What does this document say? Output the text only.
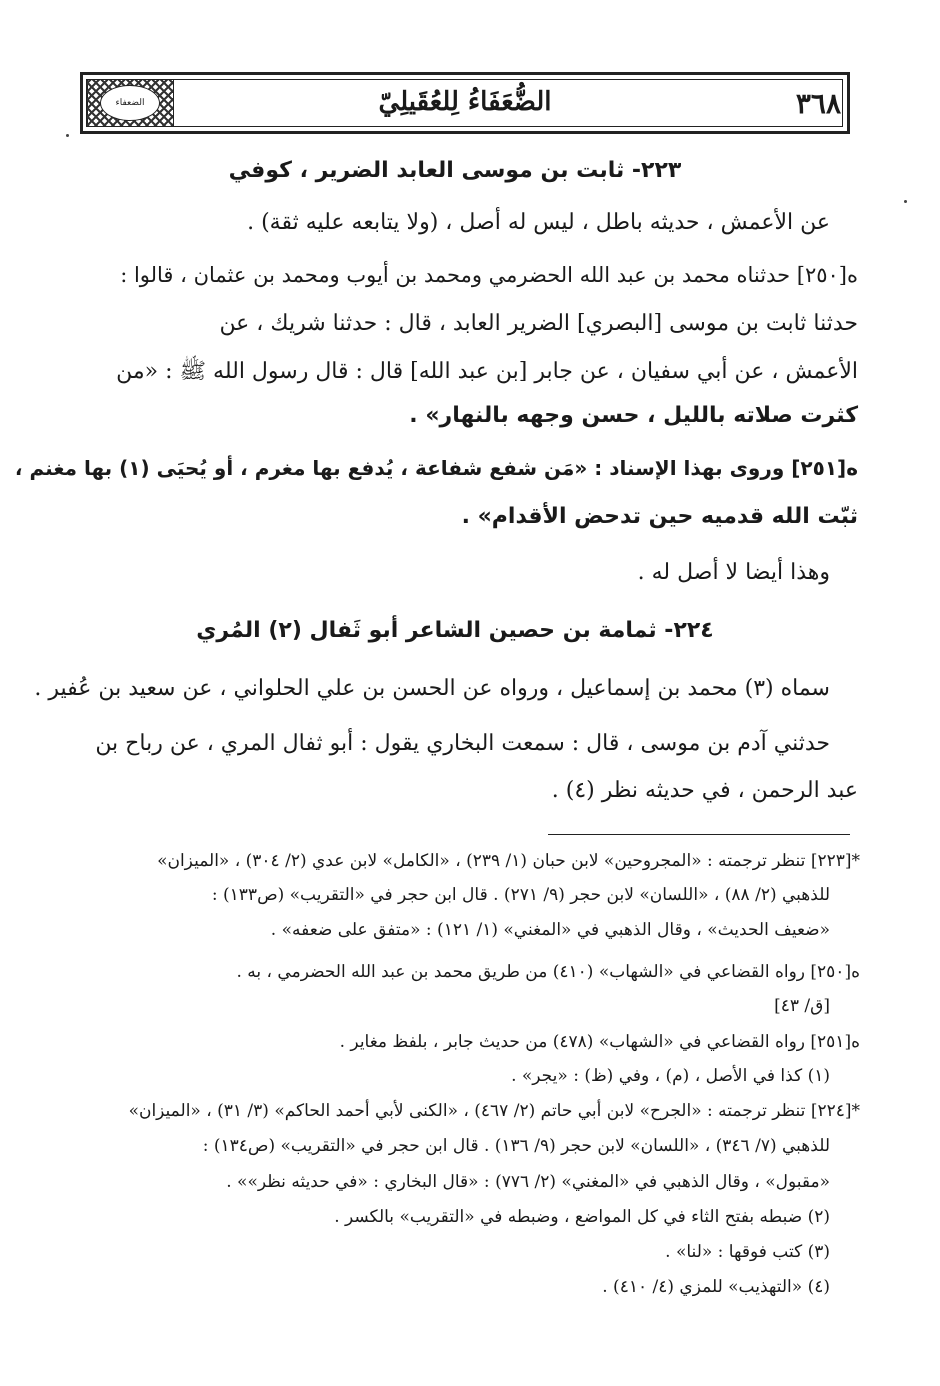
٣٦٨
الضُّعَفَاءُ لِلعُقَيلِيّ
الضعفاء
٢٢٣- ثابت بن موسى العابد الضرير ، كوفي
عن الأعمش ، حديثه باطل ، ليس له أصل ، (ولا يتابعه عليه ثقة) .
ه[٢٥٠] حدثناه محمد بن عبد الله الحضرمي ومحمد بن أيوب ومحمد بن عثمان ، قالوا :
حدثنا ثابت بن موسى [البصري] الضرير العابد ، قال : حدثنا شريك ، عن
الأعمش ، عن أبي سفيان ، عن جابر [بن عبد الله] قال : قال رسول الله ﷺ : «من
كثرت صلاته بالليل ، حسن وجهه بالنهار» .
ه[٢٥١] وروى بهذا الإسناد : «مَن شفع شفاعة ، يُدفع بها مغرم ، أو يُحيَى (١) بها مغنم ،
ثبّت الله قدميه حين تدحض الأقدام» .
وهذا أيضا لا أصل له .
٢٢٤- ثمامة بن حصين الشاعر أبو ثَفال (٢) المُري
سماه (٣) محمد بن إسماعيل ، ورواه عن الحسن بن علي الحلواني ، عن سعيد بن عُفير .
حدثني آدم بن موسى ، قال : سمعت البخاري يقول : أبو ثفال المري ، عن رباح بن
عبد الرحمن ، في حديثه نظر (٤) .
*[٢٢٣] تنظر ترجمته : «المجروحين» لابن حبان (١/ ٢٣٩) ، «الكامل» لابن عدي (٢/ ٣٠٤) ، «الميزان»
للذهبي (٢/ ٨٨) ، «اللسان» لابن حجر (٩/ ٢٧١) . قال ابن حجر في «التقريب» (ص١٣٣) :
«ضعيف الحديث» ، وقال الذهبي في «المغني» (١/ ١٢١) : «متفق على ضعفه» .
ه[٢٥٠] رواه القضاعي في «الشهاب» (٤١٠) من طريق محمد بن عبد الله الحضرمي ، به .
[ق/ ٤٣]
ه[٢٥١] رواه القضاعي في «الشهاب» (٤٧٨) من حديث جابر ، بلفظ مغاير .
(١) كذا في الأصل ، (م) ، وفي (ظ) : «يجر» .
*[٢٢٤] تنظر ترجمته : «الجرح» لابن أبي حاتم (٢/ ٤٦٧) ، «الكنى لأبي أحمد الحاكم» (٣/ ٣١) ، «الميزان»
للذهبي (٧/ ٣٤٦) ، «اللسان» لابن حجر (٩/ ١٣٦) . قال ابن حجر في «التقريب» (ص١٣٤) :
«مقبول» ، وقال الذهبي في «المغني» (٢/ ٧٧٦) : «قال البخاري : «في حديثه نظر»» .
(٢) ضبطه بفتح الثاء في كل المواضع ، وضبطه في «التقريب» بالكسر .
(٣) كتب فوقها : «لنا» .
(٤) «التهذيب» للمزي (٤/ ٤١٠) .
